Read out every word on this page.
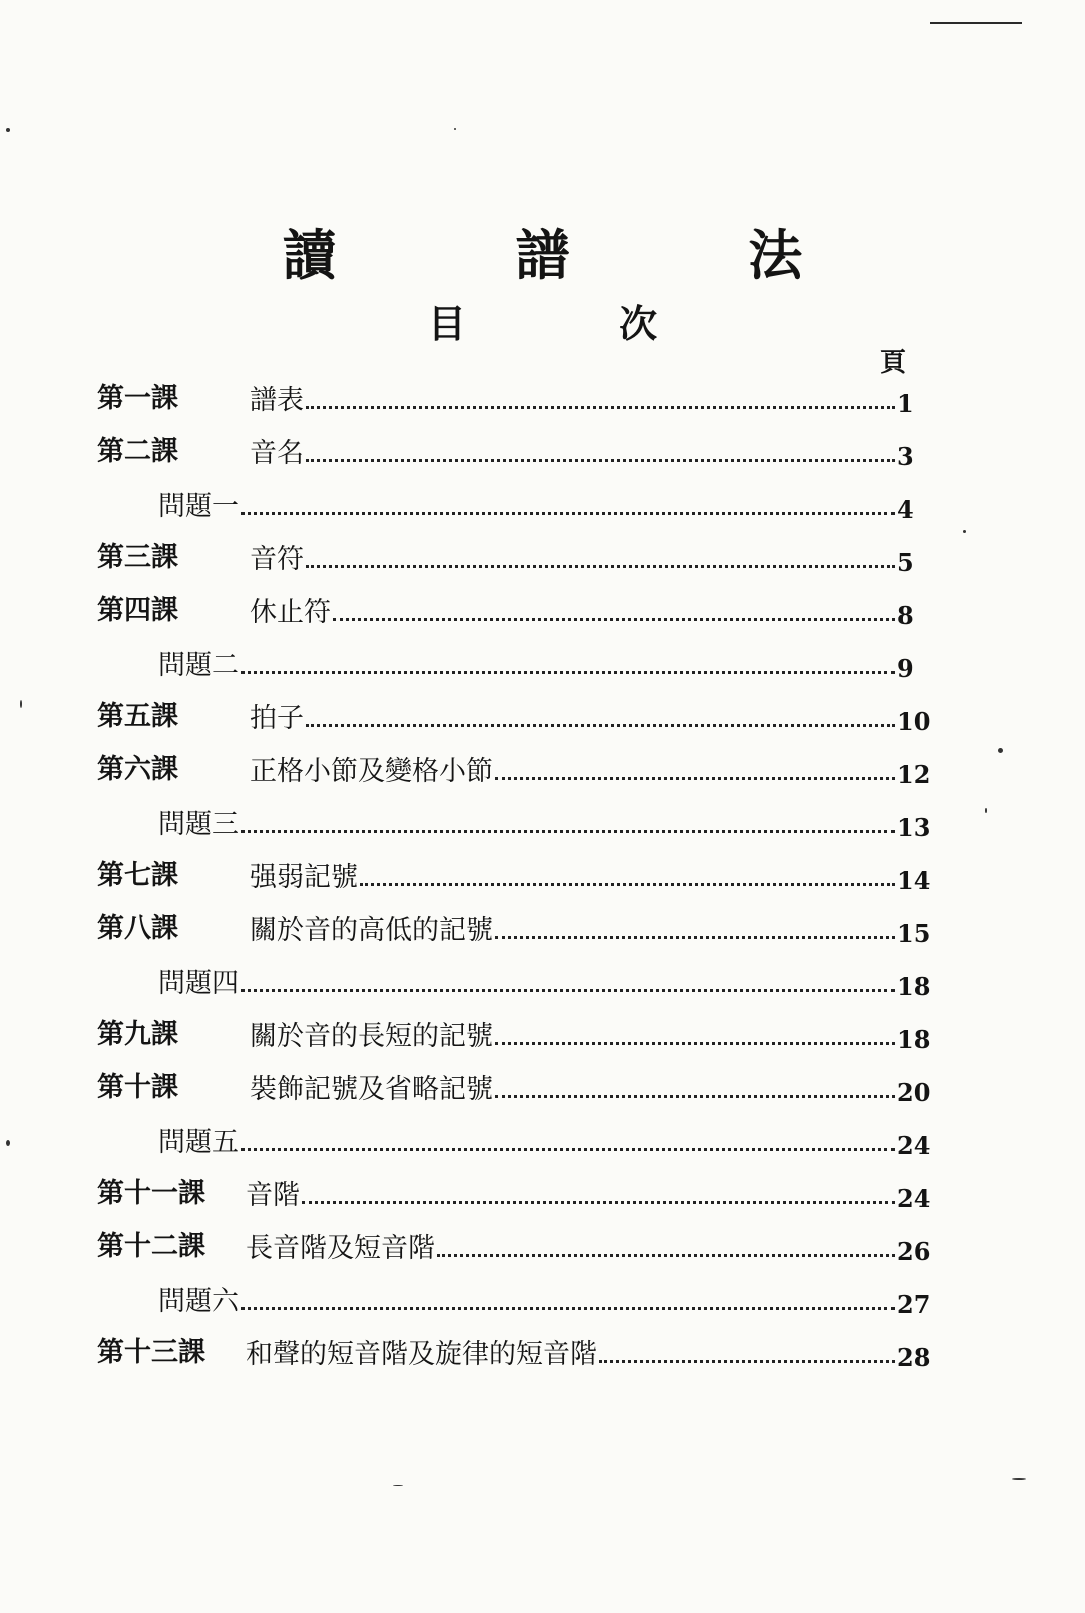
讀 譜 法
目 次
頁
第一課	譜表	1
第二課	音名	3
問題一	4
第三課	音符	5
第四課	休止符	8
問題二	9
第五課	拍子	10
第六課	正格小節及變格小節	12
問題三	13
第七課	强弱記號	14
第八課	關於音的高低的記號	15
問題四	18
第九課	關於音的長短的記號	18
第十課	裝飾記號及省略記號	20
問題五	24
第十一課 音階	24
第十二課 長音階及短音階	26
問題六	27
第十三課 和聲的短音階及旋律的短音階	28
